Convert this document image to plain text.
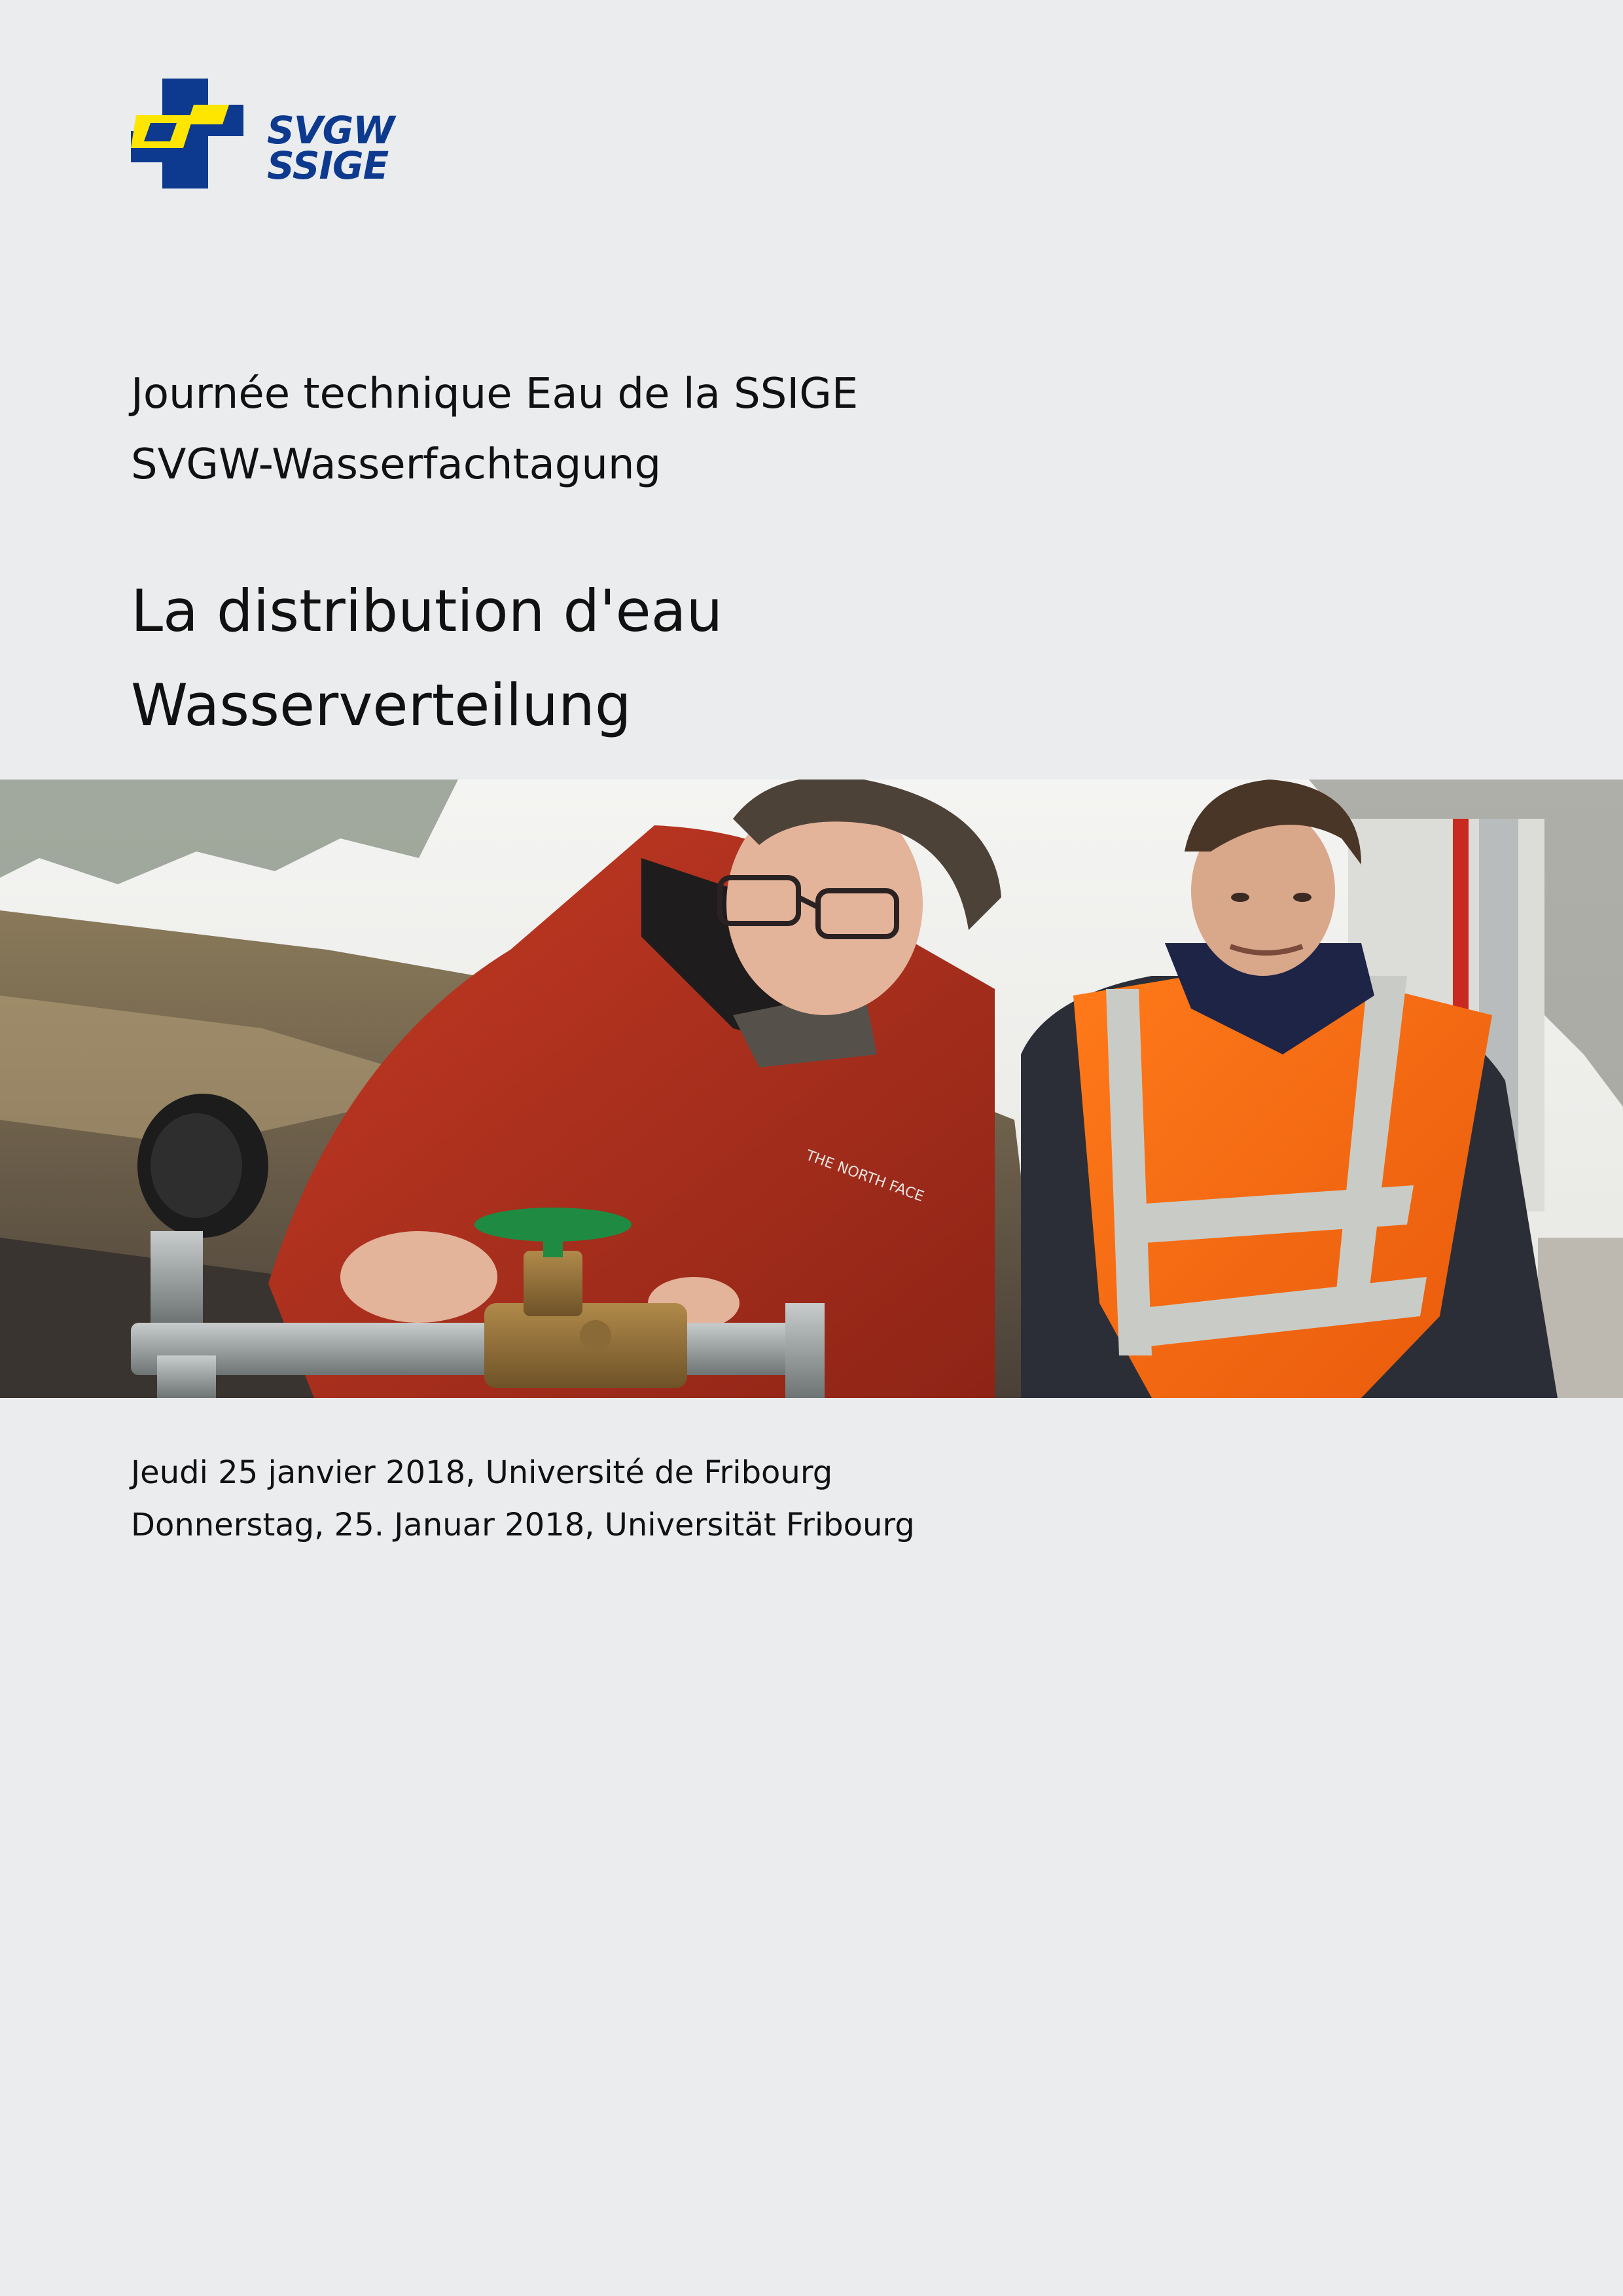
SVGW
SSIGE
Journée technique Eau de la SSIGE
SVGW-Wasserfachtagung
La distribution d'eau
Wasserverteilung
THE NORTH FACE
Jeudi 25 janvier 2018, Université de Fribourg
Donnerstag, 25. Januar 2018, Universität Fribourg
